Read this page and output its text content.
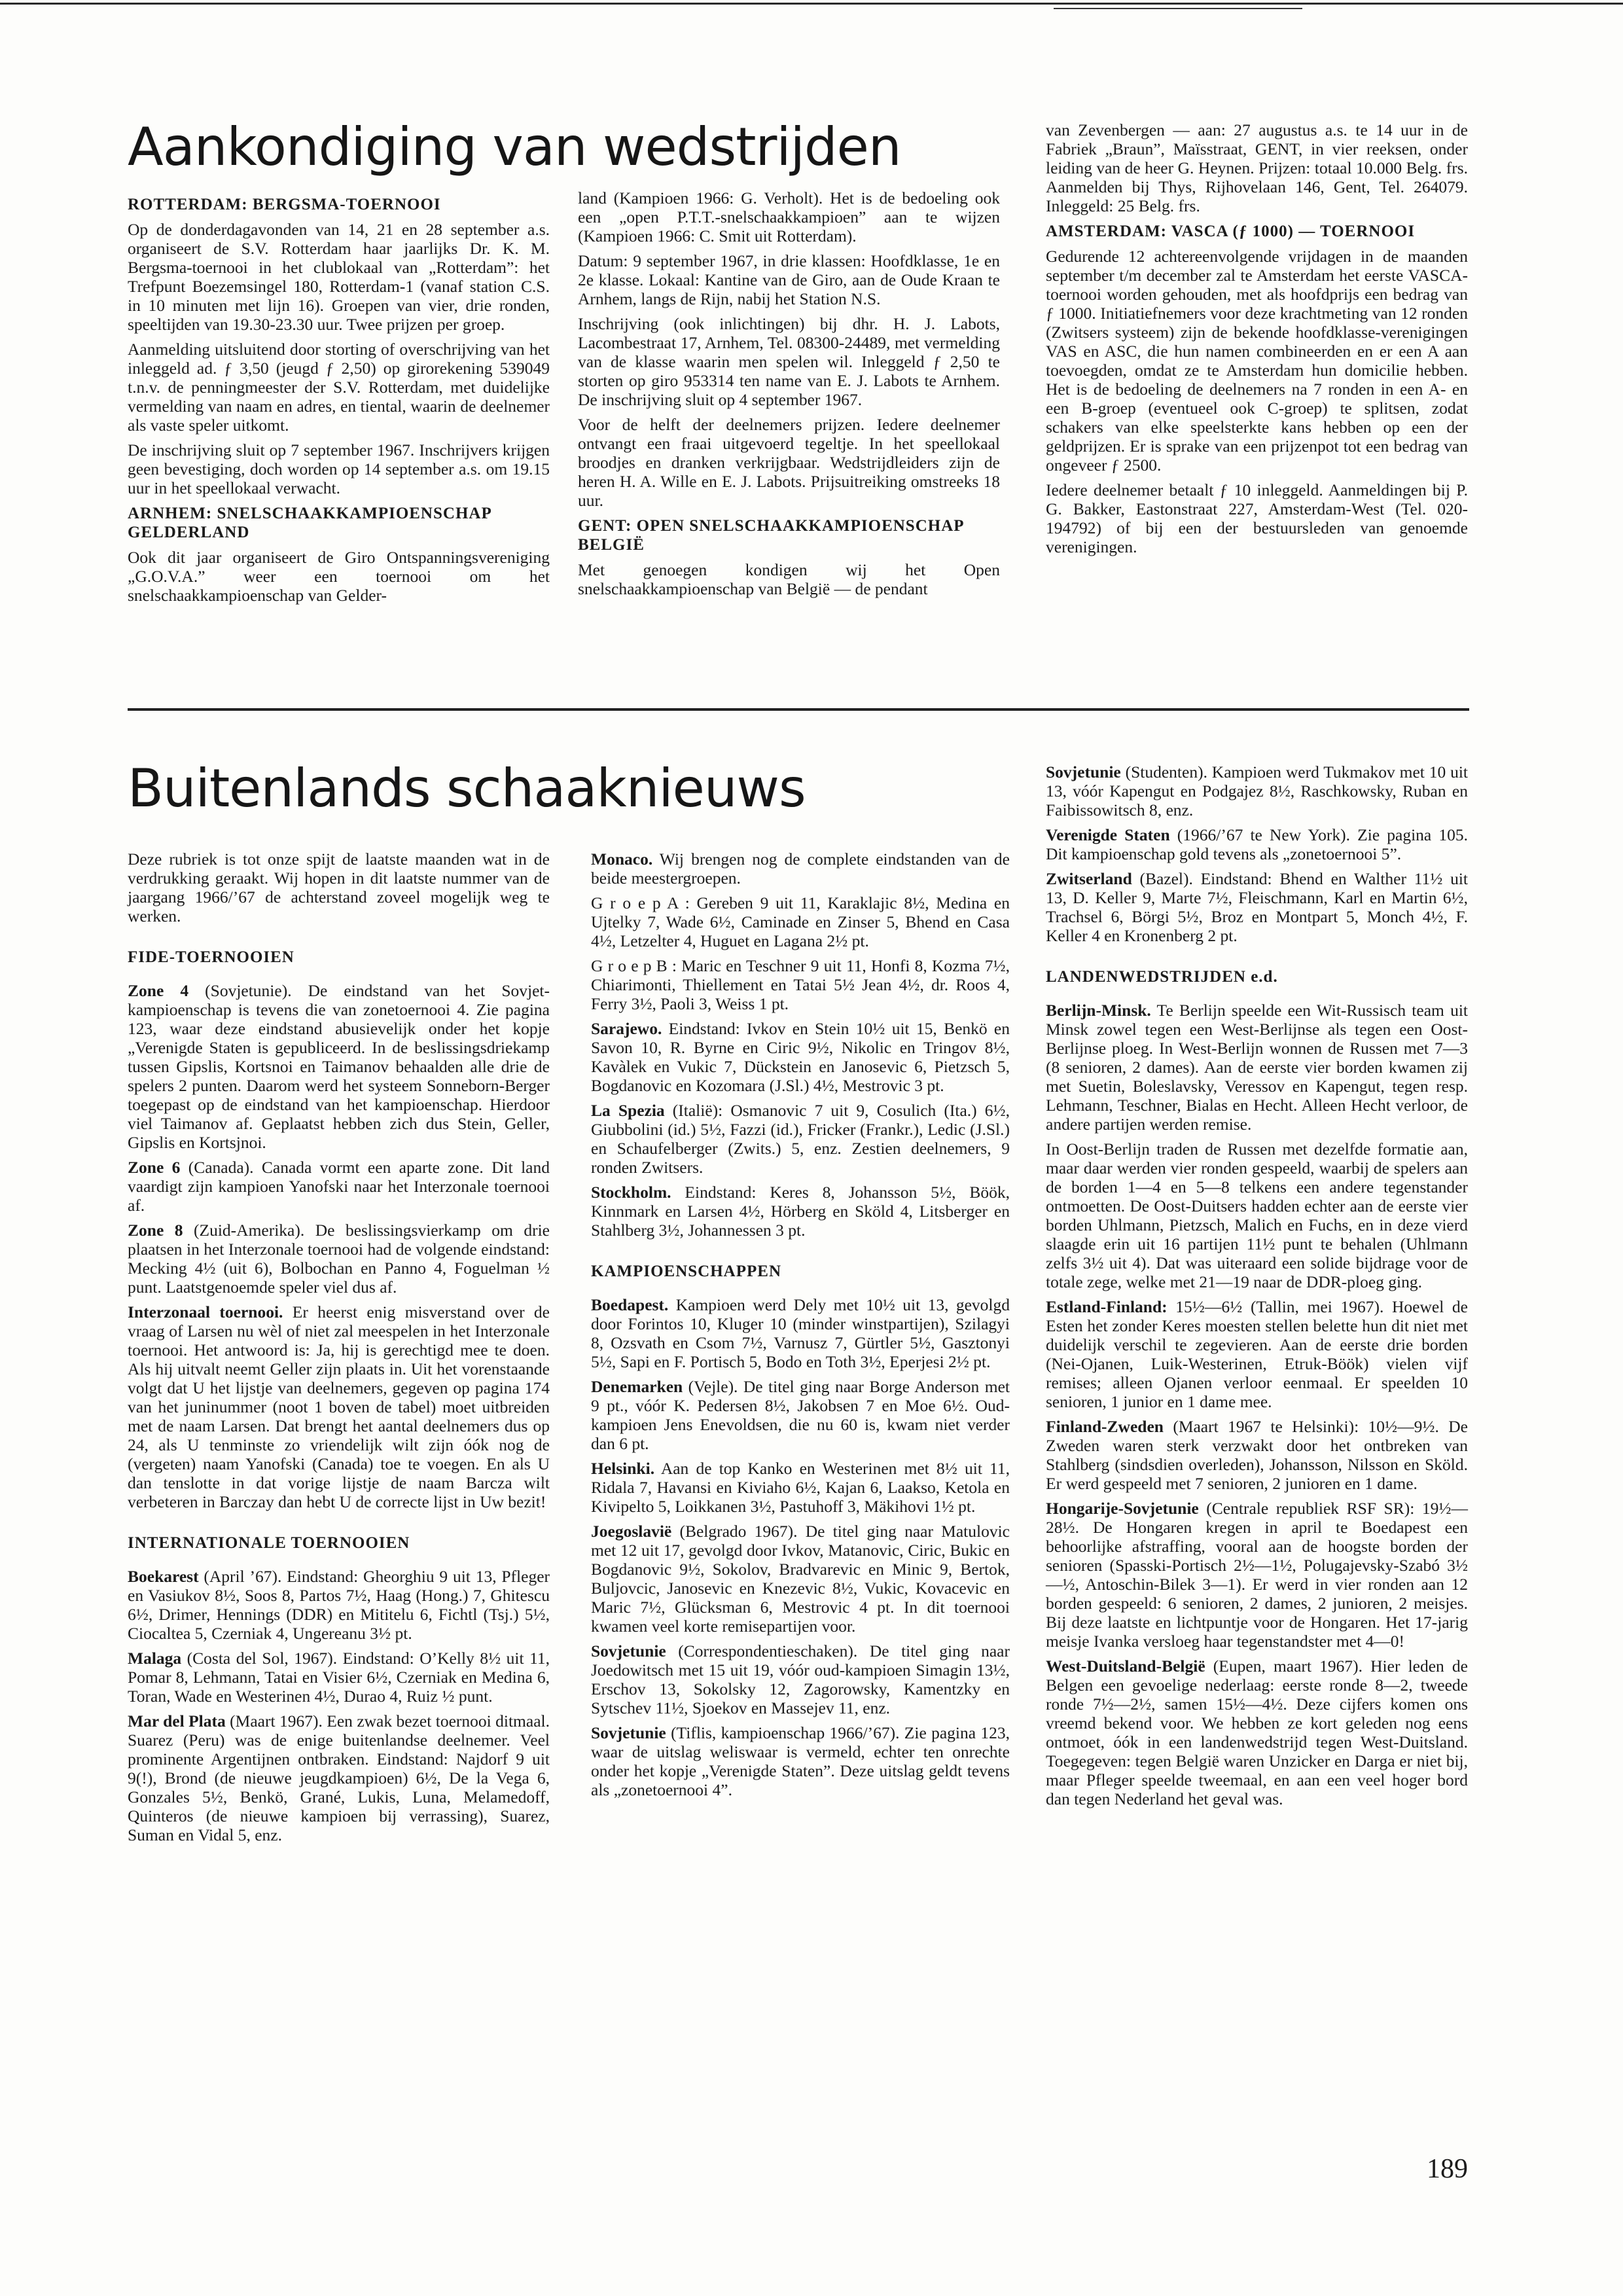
Aankondiging van wedstrijden
ROTTERDAM: BERGSMA-TOERNOOI

Op de donderdagavonden van 14, 21 en 28 september a.s. organiseert de S.V. Rotterdam haar jaarlijks Dr. K. M. Bergsma-toernooi in het clublokaal van „Rotterdam”: het Trefpunt Boezemsingel 180, Rotterdam-1 (vanaf station C.S. in 10 minuten met lijn 16). Groepen van vier, drie ronden, speeltijden van 19.30-23.30 uur. Twee prijzen per groep.

Aanmelding uitsluitend door storting of overschrijving van het inleggeld ad. ƒ 3,50 (jeugd ƒ 2,50) op girorekening 539049 t.n.v. de penningmeester der S.V. Rotterdam, met duidelijke vermelding van naam en adres, en tiental, waarin de deelnemer als vaste speler uitkomt.

De inschrijving sluit op 7 september 1967. Inschrijvers krijgen geen bevestiging, doch worden op 14 september a.s. om 19.15 uur in het speellokaal verwacht.

ARNHEM: SNELSCHAAKKAMPIOENSCHAP GELDERLAND

Ook dit jaar organiseert de Giro Ontspanningsvereniging „G.O.V.A.” weer een toernooi om het snelschaakkampioenschap van Gelder-

land (Kampioen 1966: G. Verholt). Het is de bedoeling ook een „open P.T.T.-snelschaakkampioen” aan te wijzen (Kampioen 1966: C. Smit uit Rotterdam).

Datum: 9 september 1967, in drie klassen: Hoofdklasse, 1e en 2e klasse. Lokaal: Kantine van de Giro, aan de Oude Kraan te Arnhem, langs de Rijn, nabij het Station N.S.

Inschrijving (ook inlichtingen) bij dhr. H. J. Labots, Lacombestraat 17, Arnhem, Tel. 08300-24489, met vermelding van de klasse waarin men spelen wil. Inleggeld ƒ 2,50 te storten op giro 953314 ten name van E. J. Labots te Arnhem. De inschrijving sluit op 4 september 1967.

Voor de helft der deelnemers prijzen. Iedere deelnemer ontvangt een fraai uitgevoerd tegeltje. In het speellokaal broodjes en dranken verkrijgbaar. Wedstrijdleiders zijn de heren H. A. Wille en E. J. Labots. Prijsuitreiking omstreeks 18 uur.

GENT: OPEN SNELSCHAAKKAMPIOENSCHAP BELGIË

Met genoegen kondigen wij het Open snelschaakkampioenschap van België — de pendant

van Zevenbergen — aan: 27 augustus a.s. te 14 uur in de Fabriek „Braun”, Maïsstraat, GENT, in vier reeksen, onder leiding van de heer G. Heynen. Prijzen: totaal 10.000 Belg. frs. Aanmelden bij Thys, Rijhovelaan 146, Gent, Tel. 264079. Inleggeld: 25 Belg. frs.

AMSTERDAM: VASCA (ƒ 1000) — TOERNOOI

Gedurende 12 achtereenvolgende vrijdagen in de maanden september t/m december zal te Amsterdam het eerste VASCA-toernooi worden gehouden, met als hoofdprijs een bedrag van ƒ 1000. Initiatiefnemers voor deze krachtmeting van 12 ronden (Zwitsers systeem) zijn de bekende hoofdklasse-verenigingen VAS en ASC, die hun namen combineerden en er een A aan toevoegden, omdat ze te Amsterdam hun domicilie hebben. Het is de bedoeling de deelnemers na 7 ronden in een A- en een B-groep (eventueel ook C-groep) te splitsen, zodat schakers van elke speelsterkte kans hebben op een der geldprijzen. Er is sprake van een prijzenpot tot een bedrag van ongeveer ƒ 2500.

Iedere deelnemer betaalt ƒ 10 inleggeld. Aanmeldingen bij P. G. Bakker, Eastonstraat 227, Amsterdam-West (Tel. 020-194792) of bij een der bestuursleden van genoemde verenigingen.

Buitenlands schaaknieuws

Deze rubriek is tot onze spijt de laatste maanden wat in de verdrukking geraakt. Wij hopen in dit laatste nummer van de jaargang 1966/’67 de achterstand zoveel mogelijk weg te werken.

FIDE-TOERNOOIEN

Zone 4 (Sovjetunie). De eindstand van het Sovjet-kampioenschap is tevens die van zonetoernooi 4. Zie pagina 123, waar deze eindstand abusievelijk onder het kopje „Verenigde Staten is gepubliceerd. In de beslissingsdriekamp tussen Gipslis, Kortsnoi en Taimanov behaalden alle drie de spelers 2 punten. Daarom werd het systeem Sonneborn-Berger toegepast op de eindstand van het kampioenschap. Hierdoor viel Taimanov af. Geplaatst hebben zich dus Stein, Geller, Gipslis en Kortsjnoi.

Zone 6 (Canada). Canada vormt een aparte zone. Dit land vaardigt zijn kampioen Yanofski naar het Interzonale toernooi af.

Zone 8 (Zuid-Amerika). De beslissingsvierkamp om drie plaatsen in het Interzonale toernooi had de volgende eindstand: Mecking 4½ (uit 6), Bolbochan en Panno 4, Foguelman ½ punt. Laatstgenoemde speler viel dus af.

Interzonaal toernooi. Er heerst enig misverstand over de vraag of Larsen nu wèl of niet zal meespelen in het Interzonale toernooi. Het antwoord is: Ja, hij is gerechtigd mee te doen. Als hij uitvalt neemt Geller zijn plaats in. Uit het vorenstaande volgt dat U het lijstje van deelnemers, gegeven op pagina 174 van het juninummer (noot 1 boven de tabel) moet uitbreiden met de naam Larsen. Dat brengt het aantal deelnemers dus op 24, als U tenminste zo vriendelijk wilt zijn óók nog de (vergeten) naam Yanofski (Canada) toe te voegen. En als U dan tenslotte in dat vorige lijstje de naam Barcza wilt verbeteren in Barczay dan hebt U de correcte lijst in Uw bezit!

INTERNATIONALE TOERNOOIEN

Boekarest (April ’67). Eindstand: Gheorghiu 9 uit 13, Pfleger en Vasiukov 8½, Soos 8, Partos 7½, Haag (Hong.) 7, Ghitescu 6½, Drimer, Hennings (DDR) en Mititelu 6, Fichtl (Tsj.) 5½, Ciocaltea 5, Czerniak 4, Ungereanu 3½ pt.

Malaga (Costa del Sol, 1967). Eindstand: O’Kelly 8½ uit 11, Pomar 8, Lehmann, Tatai en Visier 6½, Czerniak en Medina 6, Toran, Wade en Westerinen 4½, Durao 4, Ruiz ½ punt.

Mar del Plata (Maart 1967). Een zwak bezet toernooi ditmaal. Suarez (Peru) was de enige buitenlandse deelnemer. Veel prominente Argentijnen ontbraken. Eindstand: Najdorf 9 uit 9(!), Brond (de nieuwe jeugdkampioen) 6½, De la Vega 6, Gonzales 5½, Benkö, Grané, Lukis, Luna, Melamedoff, Quinteros (de nieuwe kampioen bij verrassing), Suarez, Suman en Vidal 5, enz.

Monaco. Wij brengen nog de complete eindstanden van de beide meestergroepen.

G r o e p A : Gereben 9 uit 11, Karaklajic 8½, Medina en Ujtelky 7, Wade 6½, Caminade en Zinser 5, Bhend en Casa 4½, Letzelter 4, Huguet en Lagana 2½ pt.

G r o e p B : Maric en Teschner 9 uit 11, Honfi 8, Kozma 7½, Chiarimonti, Thiellement en Tatai 5½ Jean 4½, dr. Roos 4, Ferry 3½, Paoli 3, Weiss 1 pt.

Sarajewo. Eindstand: Ivkov en Stein 10½ uit 15, Benkö en Savon 10, R. Byrne en Ciric 9½, Nikolic en Tringov 8½, Kavàlek en Vukic 7, Dückstein en Janosevic 6, Pietzsch 5, Bogdanovic en Kozomara (J.Sl.) 4½, Mestrovic 3 pt.

La Spezia (Italië): Osmanovic 7 uit 9, Cosulich (Ita.) 6½, Giubbolini (id.) 5½, Fazzi (id.), Fricker (Frankr.), Ledic (J.Sl.) en Schaufelberger (Zwits.) 5, enz. Zestien deelnemers, 9 ronden Zwitsers.

Stockholm. Eindstand: Keres 8, Johansson 5½, Böök, Kinnmark en Larsen 4½, Hörberg en Sköld 4, Litsberger en Stahlberg 3½, Johannessen 3 pt.

KAMPIOENSCHAPPEN

Boedapest. Kampioen werd Dely met 10½ uit 13, gevolgd door Forintos 10, Kluger 10 (minder winstpartijen), Szilagyi 8, Ozsvath en Csom 7½, Varnusz 7, Gürtler 5½, Gasztonyi 5½, Sapi en F. Portisch 5, Bodo en Toth 3½, Eperjesi 2½ pt.

Denemarken (Vejle). De titel ging naar Borge Anderson met 9 pt., vóór K. Pedersen 8½, Jakobsen 7 en Moe 6½. Oud-kampioen Jens Enevoldsen, die nu 60 is, kwam niet verder dan 6 pt.

Helsinki. Aan de top Kanko en Westerinen met 8½ uit 11, Ridala 7, Havansi en Kiviaho 6½, Kajan 6, Laakso, Ketola en Kivipelto 5, Loikkanen 3½, Pastuhoff 3, Mäkihovi 1½ pt.

Joegoslavië (Belgrado 1967). De titel ging naar Matulovic met 12 uit 17, gevolgd door Ivkov, Matanovic, Ciric, Bukic en Bogdanovic 9½, Sokolov, Bradvarevic en Minic 9, Bertok, Buljovcic, Janosevic en Knezevic 8½, Vukic, Kovacevic en Maric 7½, Glücksman 6, Mestrovic 4 pt. In dit toernooi kwamen veel korte remisepartijen voor.

Sovjetunie (Correspondentieschaken). De titel ging naar Joedowitsch met 15 uit 19, vóór oud-kampioen Simagin 13½, Erschov 13, Sokolsky 12, Zagorowsky, Kamentzky en Sytschev 11½, Sjoekov en Massejev 11, enz.

Sovjetunie (Tiflis, kampioenschap 1966/’67). Zie pagina 123, waar de uitslag weliswaar is vermeld, echter ten onrechte onder het kopje „Verenigde Staten”. Deze uitslag geldt tevens als „zonetoernooi 4”.

Sovjetunie (Studenten). Kampioen werd Tukmakov met 10 uit 13, vóór Kapengut en Podgajez 8½, Raschkowsky, Ruban en Faibissowitsch 8, enz.

Verenigde Staten (1966/’67 te New York). Zie pagina 105. Dit kampioenschap gold tevens als „zonetoernooi 5”.

Zwitserland (Bazel). Eindstand: Bhend en Walther 11½ uit 13, D. Keller 9, Marte 7½, Fleischmann, Karl en Martin 6½, Trachsel 6, Börgi 5½, Broz en Montpart 5, Monch 4½, F. Keller 4 en Kronenberg 2 pt.

LANDENWEDSTRIJDEN e.d.

Berlijn-Minsk. Te Berlijn speelde een Wit-Russisch team uit Minsk zowel tegen een West-Berlijnse als tegen een Oost-Berlijnse ploeg. In West-Berlijn wonnen de Russen met 7—3 (8 senioren, 2 dames). Aan de eerste vier borden kwamen zij met Suetin, Boleslavsky, Veressov en Kapengut, tegen resp. Lehmann, Teschner, Bialas en Hecht. Alleen Hecht verloor, de andere partijen werden remise.

In Oost-Berlijn traden de Russen met dezelfde formatie aan, maar daar werden vier ronden gespeeld, waarbij de spelers aan de borden 1—4 en 5—8 telkens een andere tegenstander ontmoetten. De Oost-Duitsers hadden echter aan de eerste vier borden Uhlmann, Pietzsch, Malich en Fuchs, en in deze vierd slaagde erin uit 16 partijen 11½ punt te behalen (Uhlmann zelfs 3½ uit 4). Dat was uiteraard een solide bijdrage voor de totale zege, welke met 21—19 naar de DDR-ploeg ging.

Estland-Finland: 15½—6½ (Tallin, mei 1967). Hoewel de Esten het zonder Keres moesten stellen belette hun dit niet met duidelijk verschil te zegevieren. Aan de eerste drie borden (Nei-Ojanen, Luik-Westerinen, Etruk-Böök) vielen vijf remises; alleen Ojanen verloor eenmaal. Er speelden 10 senioren, 1 junior en 1 dame mee.

Finland-Zweden (Maart 1967 te Helsinki): 10½—9½. De Zweden waren sterk verzwakt door het ontbreken van Stahlberg (sindsdien overleden), Johansson, Nilsson en Sköld. Er werd gespeeld met 7 senioren, 2 junioren en 1 dame.

Hongarije-Sovjetunie (Centrale republiek RSF SR): 19½—28½. De Hongaren kregen in april te Boedapest een behoorlijke afstraffing, vooral aan de hoogste borden der senioren (Spasski-Portisch 2½—1½, Polugajevsky-Szabó 3½—½, Antoschin-Bilek 3—1). Er werd in vier ronden aan 12 borden gespeeld: 6 senioren, 2 dames, 2 junioren, 2 meisjes. Bij deze laatste en lichtpuntje voor de Hongaren. Het 17-jarig meisje Ivanka versloeg haar tegenstandster met 4—0!

West-Duitsland-België (Eupen, maart 1967). Hier leden de Belgen een gevoelige nederlaag: eerste ronde 8—2, tweede ronde 7½—2½, samen 15½—4½. Deze cijfers komen ons vreemd bekend voor. We hebben ze kort geleden nog eens ontmoet, óók in een landenwedstrijd tegen West-Duitsland. Toegegeven: tegen België waren Unzicker en Darga er niet bij, maar Pfleger speelde tweemaal, en aan een veel hoger bord dan tegen Nederland het geval was.

189
